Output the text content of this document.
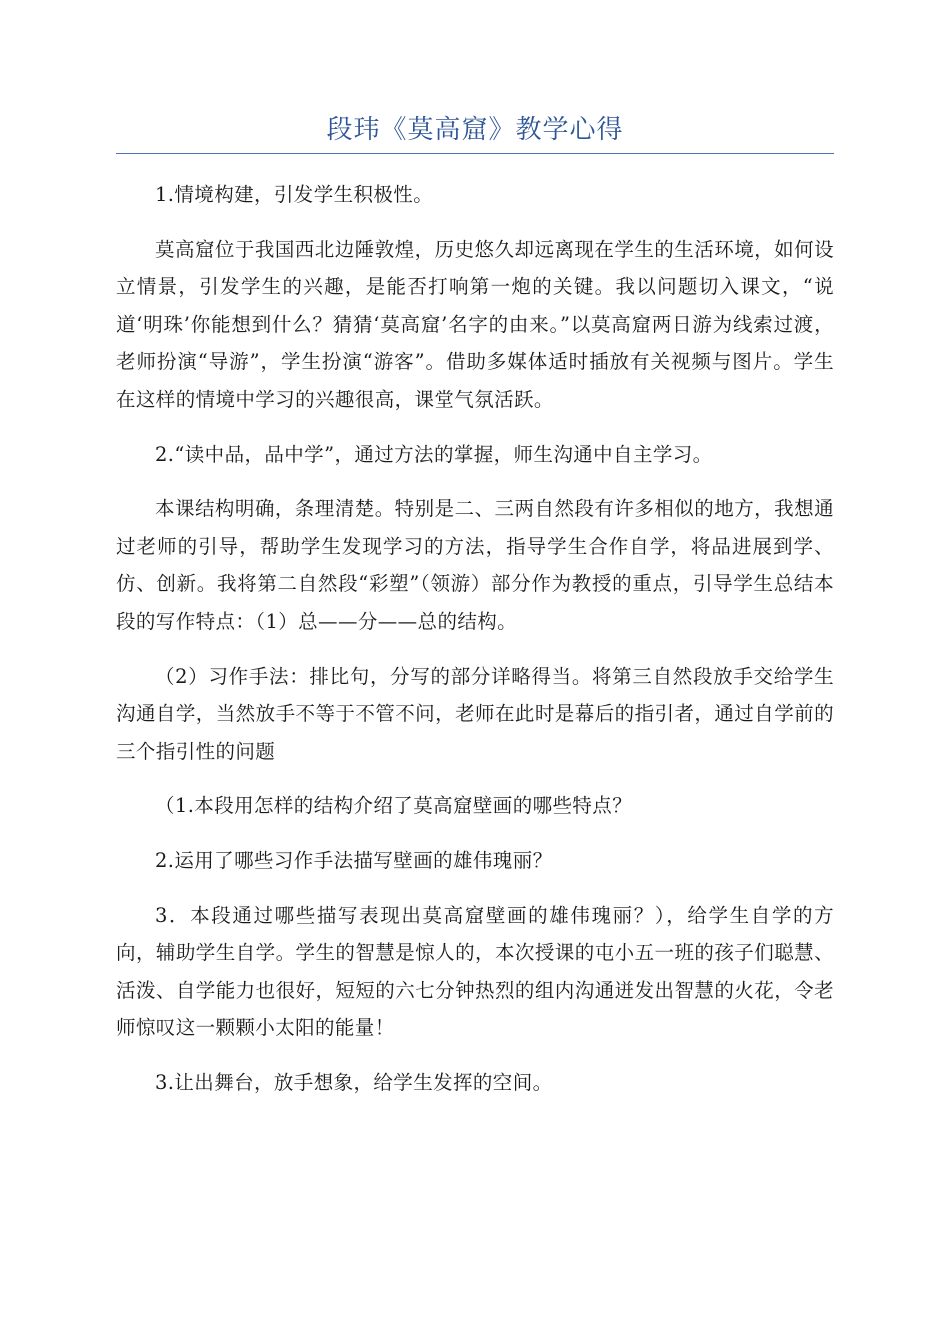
段玮《莫高窟》教学心得

1.情境构建，引发学生积极性。

莫高窟位于我国西北边陲敦煌，历史悠久却远离现在学生的生活环境，如何设立情景，引发学生的兴趣，是能否打响第一炮的关键。我以问题切入课文，“说道‘明珠’你能想到什么？猜猜‘莫高窟’名字的由来。”以莫高窟两日游为线索过渡，老师扮演“导游”，学生扮演“游客”。借助多媒体适时插放有关视频与图片。学生在这样的情境中学习的兴趣很高，课堂气氛活跃。

2.“读中品，品中学”，通过方法的掌握，师生沟通中自主学习。

本课结构明确，条理清楚。特别是二、三两自然段有许多相似的地方，我想通过老师的引导，帮助学生发现学习的方法，指导学生合作自学，将品进展到学、仿、创新。我将第二自然段“彩塑”（领游）部分作为教授的重点，引导学生总结本段的写作特点：（1）总——分——总的结构。

（2）习作手法：排比句，分写的部分详略得当。将第三自然段放手交给学生沟通自学，当然放手不等于不管不问，老师在此时是幕后的指引者，通过自学前的三个指引性的问题

（1.本段用怎样的结构介绍了莫高窟壁画的哪些特点？

2.运用了哪些习作手法描写壁画的雄伟瑰丽？

3．本段通过哪些描写表现出莫高窟壁画的雄伟瑰丽？），给学生自学的方向，辅助学生自学。学生的智慧是惊人的，本次授课的屯小五一班的孩子们聪慧、活泼、自学能力也很好，短短的六七分钟热烈的组内沟通迸发出智慧的火花，令老师惊叹这一颗颗小太阳的能量！

3.让出舞台，放手想象，给学生发挥的空间。
